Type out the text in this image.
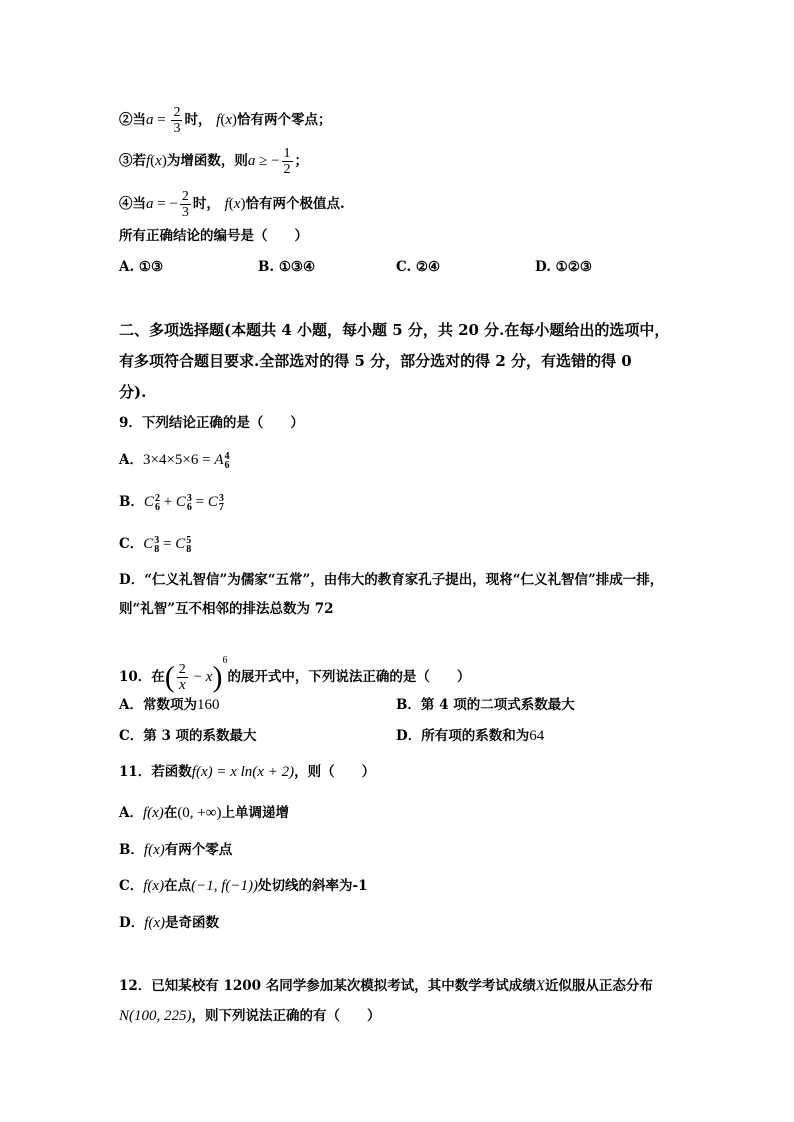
②当$a = \frac{2}{3}$ 时， f(x)恰有两个零点；
③若f(x)为增函数，则a ≥ − $\frac{1}{2}$ ；
④当a = − $\frac{2}{3}$ 时， f(x)恰有两个极值点.
所有正确结论的编号是（　　）
A. ①③	B. ①③④	C. ②④	D. ①②③
二、多项选择题(本题共 4 小题，每小题 5 分，共 20 分.在每小题给出的选项中，
有多项符合题目要求.全部选对的得 5 分，部分选对的得 2 分，有选错的得 0
分).
9．下列结论正确的是（　　）
A．3×4×5×6 = A 4
6
B．C 2
6 + C 3
6 = C 3
7
C．C 3
8 = C 5
8
D．“仁义礼智信”为儒家“五常”，由伟大的教育家孔子提出，现将“仁义礼智信”排成一排，
则“礼智”互不相邻的排法总数为 72
10．在( $\frac{2}{x} - x)^6$的展开式中，下列说法正确的是（　　）
A．常数项为160	B．第 4 项的二项式系数最大
C．第 3 项的系数最大	D．所有项的系数和为64
11．若函数f(x) = x ln(x + 2)，则（　　）
A．f(x)在(0, +∞)上单调递增
B．f(x)有两个零点
C．f(x)在点(−1, f(−1))处切线的斜率为-1
D．f(x)是奇函数
12．已知某校有 1200 名同学参加某次模拟考试，其中数学考试成绩X近似服从正态分布
N(100, 225)，则下列说法正确的有（　　）
